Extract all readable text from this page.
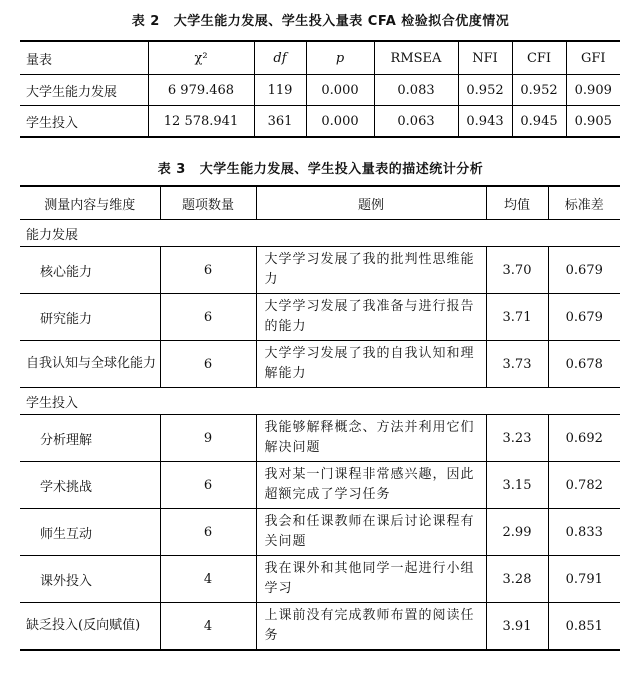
表 2 大学生能力发展、学生投入量表 CFA 检验拟合优度情况
量表	χ²	df	p	RMSEA	NFI	CFI	GFI
大学生能力发展	6 979.468	119	0.000	0.083	0.952	0.952	0.909
学生投入	12 578.941	361	0.000	0.063	0.943	0.945	0.905
表 3 大学生能力发展、学生投入量表的描述统计分析
测量内容与维度	题项数量	题例	均值	标准差
能力发展				
核心能力	6	大学学习发展了我的批判性思维能力	3.70	0.679
研究能力	6	大学学习发展了我准备与进行报告的能力	3.71	0.679
自我认知与全球化能力	6	大学学习发展了我的自我认知和理解能力	3.73	0.678
学生投入				
分析理解	9	我能够解释概念、方法并利用它们解决问题	3.23	0.692
学术挑战	6	我对某一门课程非常感兴趣，因此超额完成了学习任务	3.15	0.782
师生互动	6	我会和任课教师在课后讨论课程有关问题	2.99	0.833
课外投入	4	我在课外和其他同学一起进行小组学习	3.28	0.791
缺乏投入(反向赋值)	4	上课前没有完成教师布置的阅读任务	3.91	0.851
